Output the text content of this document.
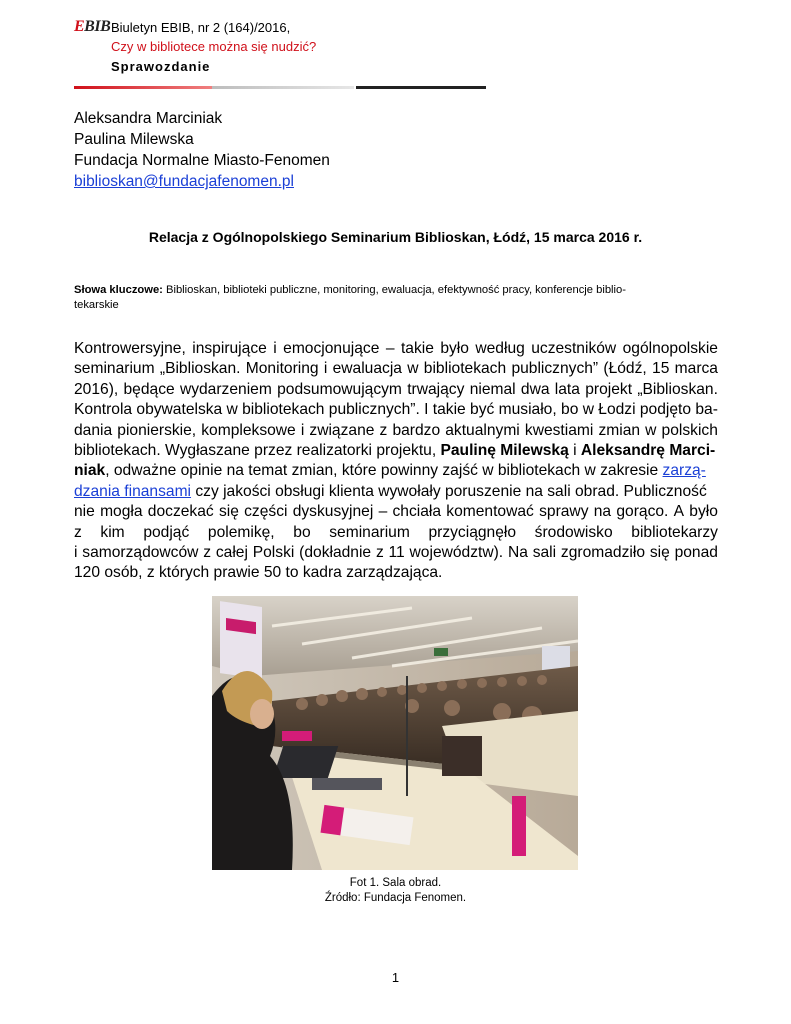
EBIB Biuletyn EBIB, nr 2 (164)/2016,
Czy w bibliotece można się nudzić?
Sprawozdanie
Aleksandra Marciniak
Paulina Milewska
Fundacja Normalne Miasto-Fenomen
biblioskan@fundacjafenomen.pl
Relacja z Ogólnopolskiego Seminarium Biblioskan, Łódź, 15 marca 2016 r.
Słowa kluczowe: Biblioskan, biblioteki publiczne, monitoring, ewaluacja, efektywność pracy, konferencje biblio-
tekarskie
Kontrowersyjne, inspirujące i emocjonujące – takie było według uczestników ogólnopolskie
seminarium „Biblioskan. Monitoring i ewaluacja w bibliotekach publicznych” (Łódź, 15 marca
2016), będące wydarzeniem podsumowującym trwający niemal dwa lata projekt „Biblioskan.
Kontrola obywatelska w bibliotekach publicznych”. I takie być musiało, bo w Łodzi podjęto ba-
dania pionierskie, kompleksowe i związane z bardzo aktualnymi kwestiami zmian w polskich
bibliotekach. Wygłaszane przez realizatorki projektu, Paulinę Milewską i Aleksandrę Marci-
niak , odważne opinie na temat zmian, które powinny zajść w bibliotekach w zakresie zarzą-
dzania finansami czy jakości obsługi klienta wywołały poruszenie na sali obrad. Publiczność
nie mogła doczekać się części dyskusyjnej – chciała komentować sprawy na gorąco. A było
z kim podjąć polemikę, bo seminarium przyciągnęło środowisko bibliotekarzy
i samorządowców z całej Polski (dokładnie z 11 województw). Na sali zgromadziło się ponad
120 osób, z których prawie 50 to kadra zarządzająca.
Fot 1. Sala obrad.
Źródło: Fundacja Fenomen.
1
